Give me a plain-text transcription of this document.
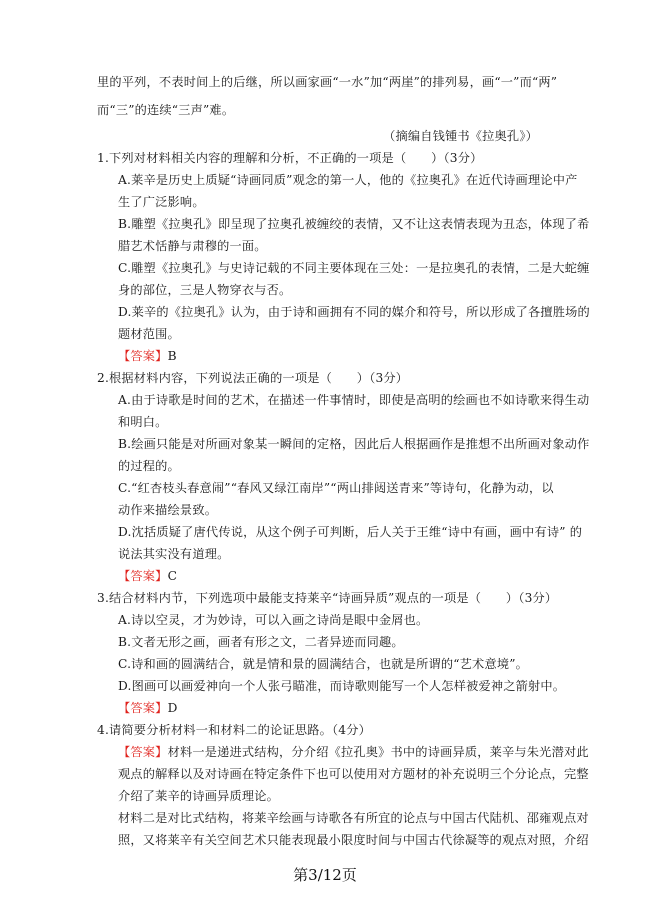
里的平列，不表时间上的后继，所以画家画“一水”加“两崖”的排列易，画“一”而“两”
而“三”的连续“三声”难。
（摘编自钱锺书《拉奥孔》）
1.下列对材料相关内容的理解和分析，不正确的一项是（　　）（3分）
A.莱辛是历史上质疑“诗画同质”观念的第一人，他的《拉奥孔》在近代诗画理论中产
生了广泛影响。
B.雕塑《拉奥孔》即呈现了拉奥孔被缠绞的表情，又不让这表情表现为丑态，体现了希
腊艺术恬静与肃穆的一面。
C.雕塑《拉奥孔》与史诗记载的不同主要体现在三处：一是拉奥孔的表情，二是大蛇缠
身的部位，三是人物穿衣与否。
D.莱辛的《拉奥孔》认为，由于诗和画拥有不同的媒介和符号，所以形成了各擅胜场的
题材范围。
【答案】B
2.根据材料内容，下列说法正确的一项是（　　）（3分）
A.由于诗歌是时间的艺术，在描述一件事情时，即使是高明的绘画也不如诗歌来得生动
和明白。
B.绘画只能是对所画对象某一瞬间的定格，因此后人根据画作是推想不出所画对象动作
的过程的。
C.“红杏枝头春意闹”“春风又绿江南岸”“两山排闼送青来”等诗句，化静为动，以
动作来描绘景致。
D.沈括质疑了唐代传说，从这个例子可判断，后人关于王维“诗中有画，画中有诗” 的
说法其实没有道理。
【答案】C
3.结合材料内节，下列选项中最能支持莱辛“诗画异质”观点的一项是（　　）（3分）
A.诗以空灵，才为妙诗，可以入画之诗尚是眼中金屑也。
B.文者无形之画，画者有形之文，二者异迹而同趣。
C.诗和画的圆满结合，就是情和景的圆满结合，也就是所谓的“艺术意境”。
D.图画可以画爱神向一个人张弓瞄准，而诗歌则能写一个人怎样被爱神之箭射中。
【答案】D
4.请简要分析材料一和材料二的论证思路。（4分）
【答案】材料一是递进式结构，分介绍《拉孔奥》书中的诗画异质，莱辛与朱光潜对此
观点的解释以及对诗画在特定条件下也可以使用对方题材的补充说明三个分论点，完整
介绍了莱辛的诗画异质理论。
材料二是对比式结构，将莱辛绘画与诗歌各有所宜的论点与中国古代陆机、邵雍观点对
照，又将莱辛有关空间艺术只能表现最小限度时间与中国古代徐凝等的观点对照，介绍
第3/12页
